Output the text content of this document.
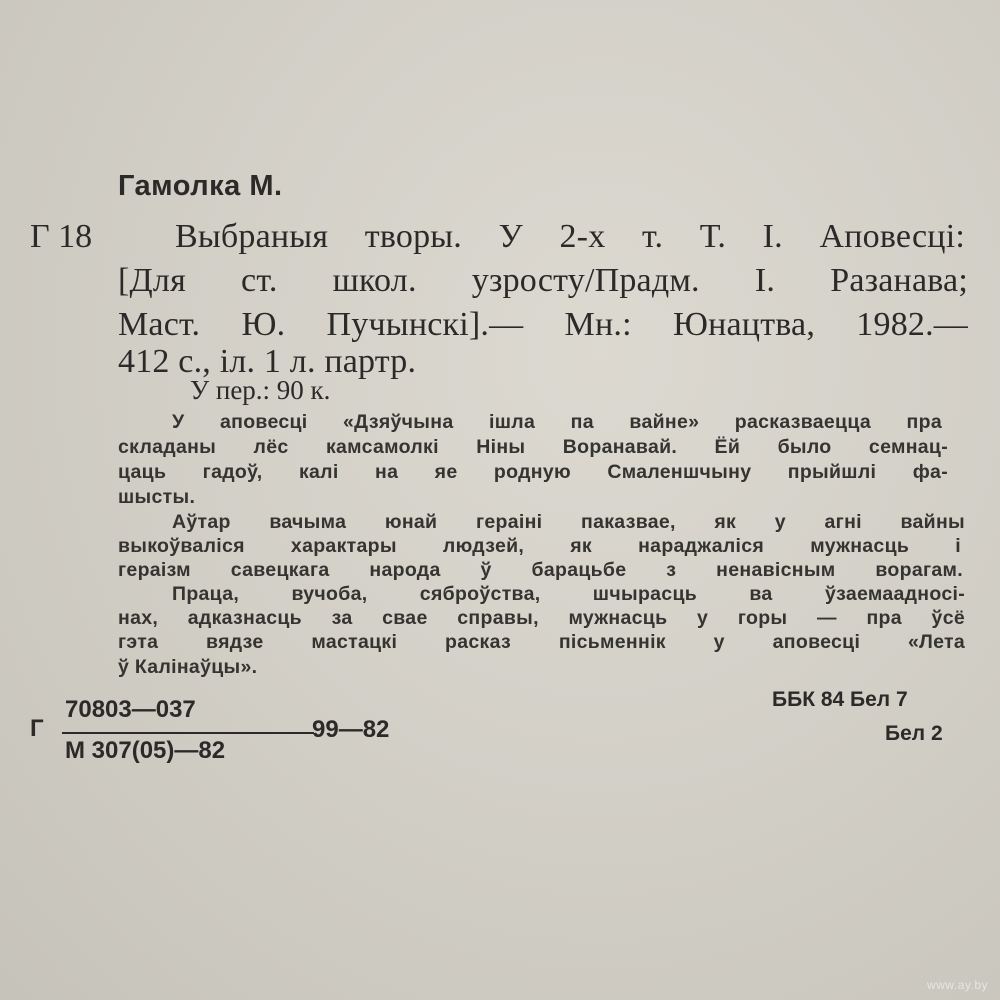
Гамолка М.
Г 18 Выбраныя творы. У 2-х т. Т. І. Аповесці:
[Для ст. школ. узросту/Прадм. І. Разанава;
Маст. Ю. Пучынскі].— Мн.: Юнацтва, 1982.—
412 с., іл. 1 л. партр.
У пер.: 90 к.
У аповесці «Дзяўчына ішла па вайне» расказваецца пра
складаны лёс камсамолкі Ніны Воранавай. Ёй было семнац-
цаць гадоў, калі на яе родную Смаленшчыну прыйшлі фа-
шысты.
Аўтар вачыма юнай гераіні паказвае, як у агні вайны
выкоўваліся характары людзей, як нараджаліся мужнасць і
гераізм савецкага народа ў барацьбе з ненавісным ворагам.
Праца, вучоба, сяброўства, шчырасць ва ўзаемаадносі-
нах, адказнасць за свае справы, мужнасць у горы — пра ўсё
гэта вядзе мастацкі расказ пісьменнік у аповесці «Лета
ў Калінаўцы».
ББК 84 Бел 7
Бел 2
Г
70803—037
М 307(05)—82
99—82
www.ay.by
